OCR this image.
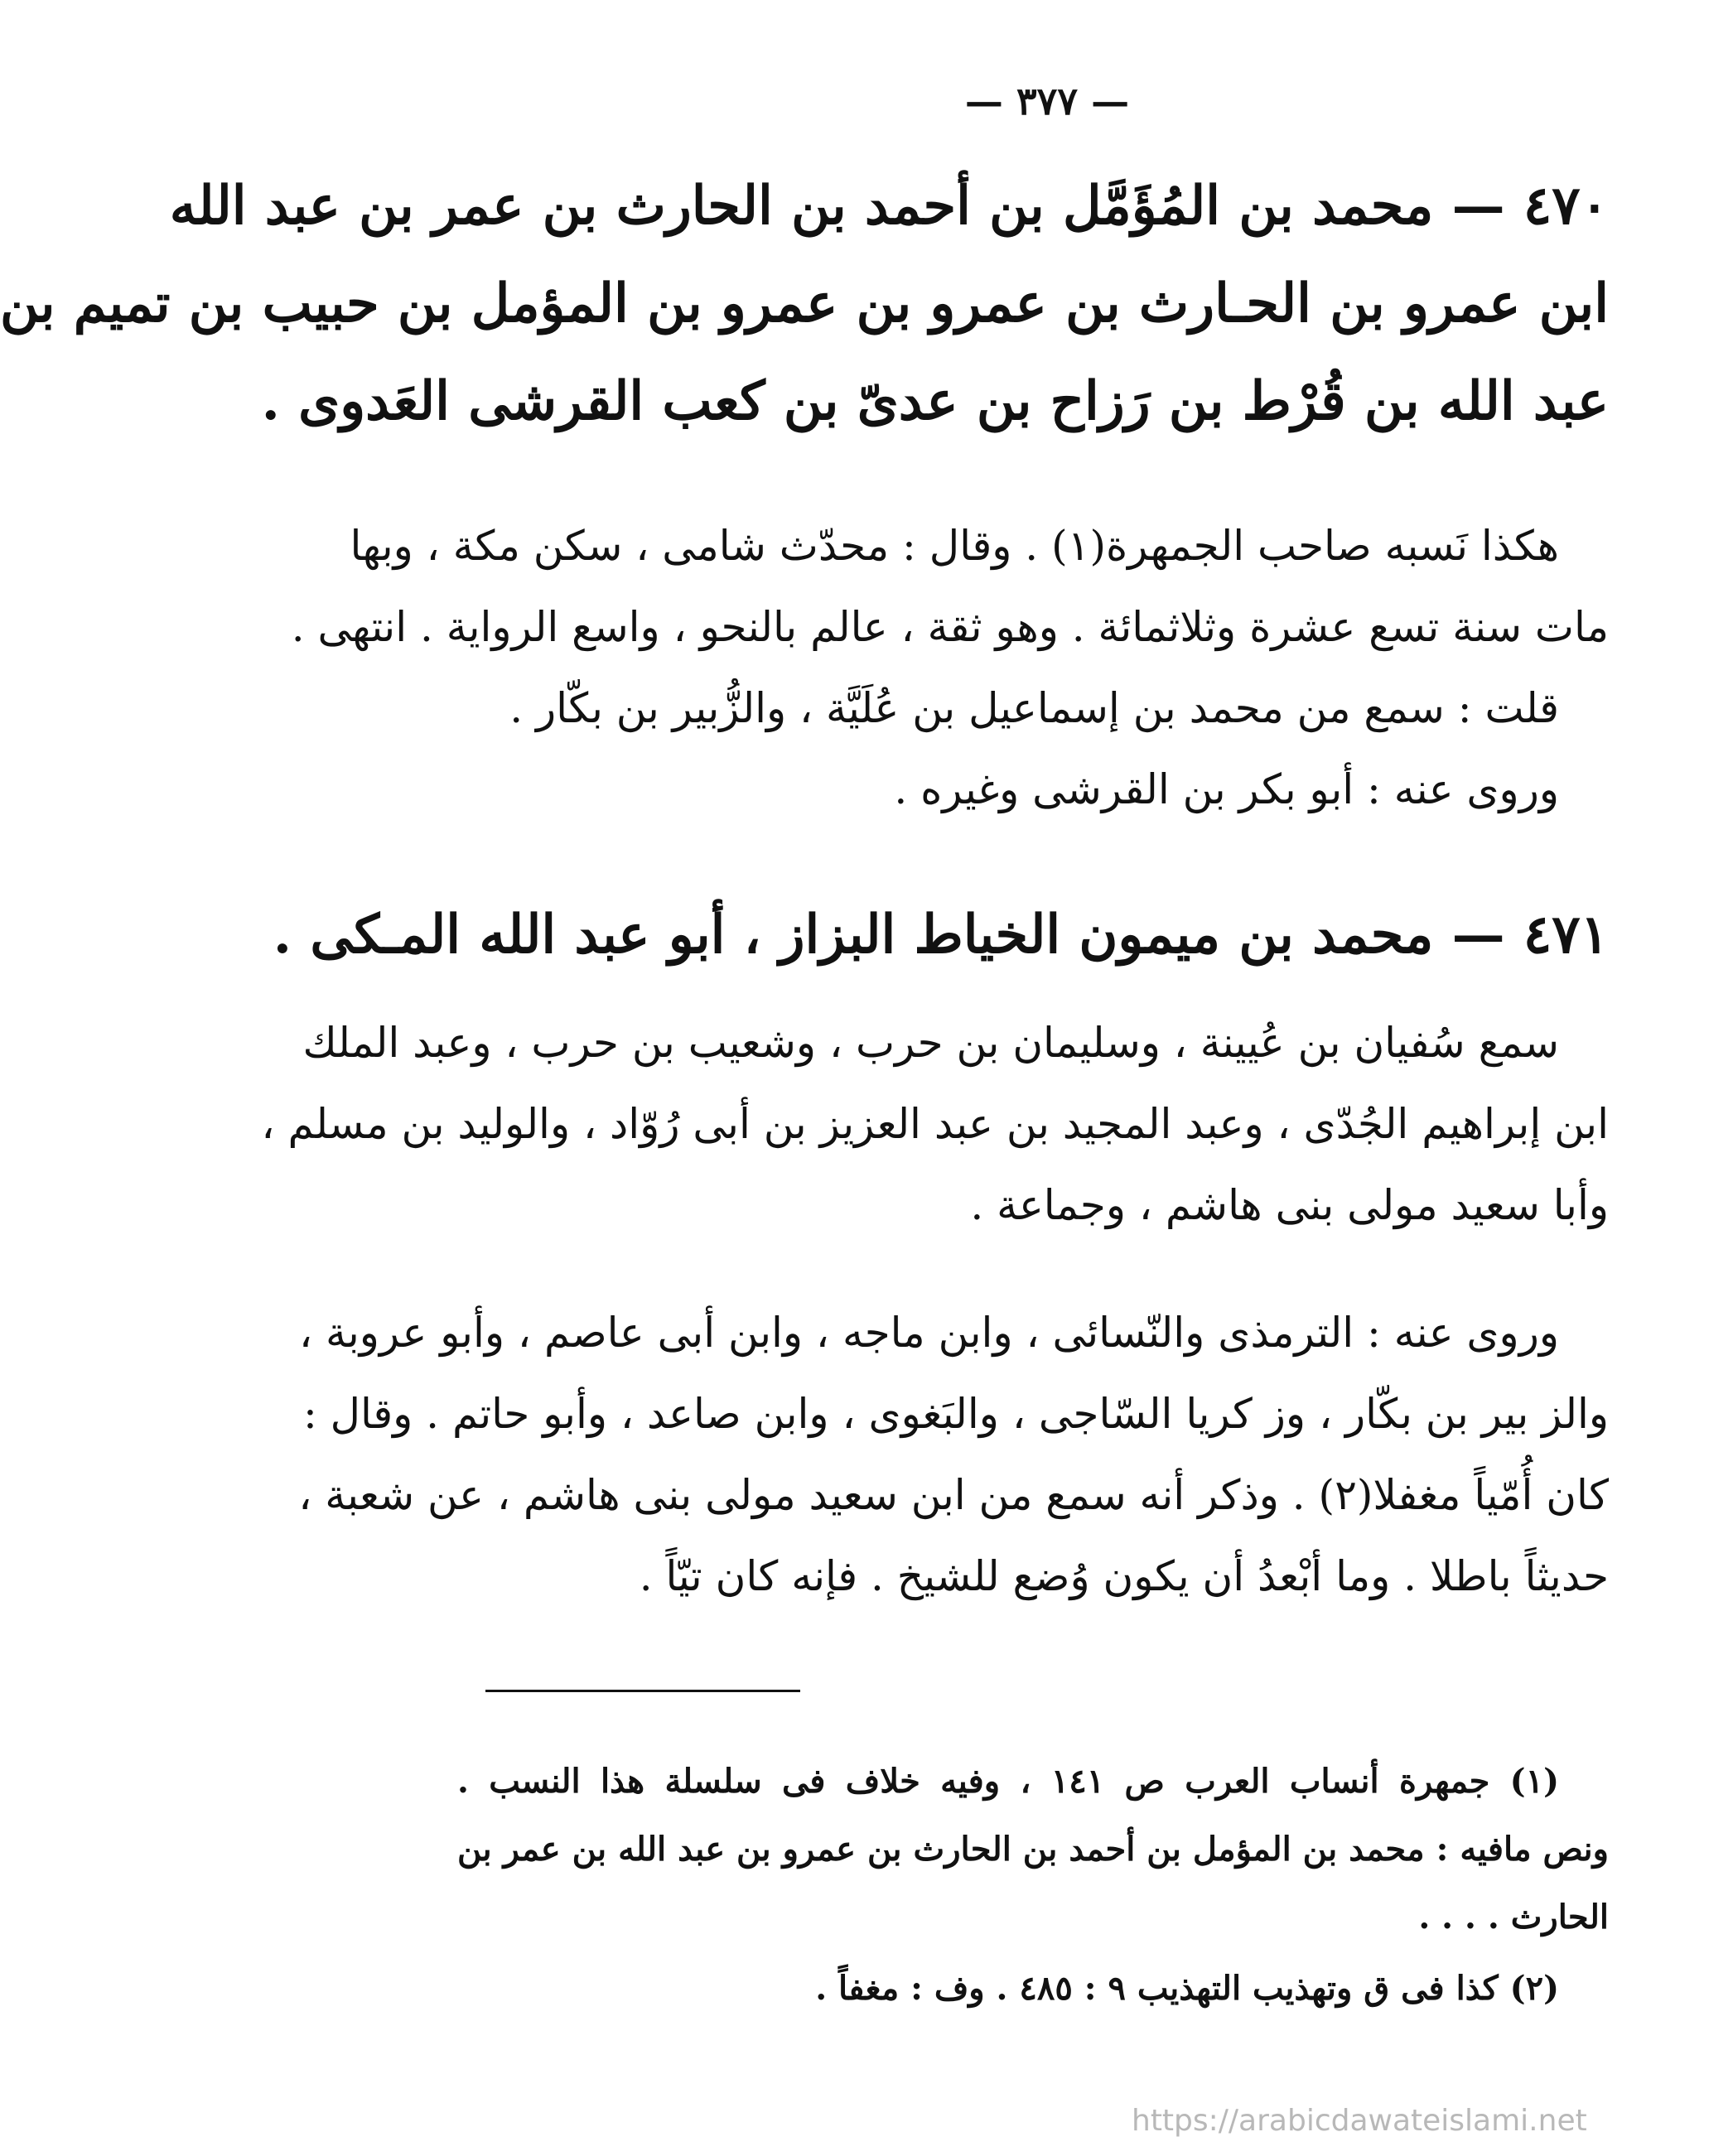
— ٣٧٧ —
٤٧٠ — محمد بن المُؤَمَّل بن أحمد بن الحارث بن عمر بن عبد الله
ابن عمرو بن الحـارث بن عمرو بن عمرو بن المؤمل بن حبيب بن تميم بن
عبد الله بن قُرْط بن رَزاح بن عدىّ بن كعب القرشى العَدوى .
هكذا نَسبه صاحب الجمهرة(١) . وقال : محدّث شامى ، سكن مكة ، وبها
مات سنة تسع عشرة وثلاثمائة . وهو ثقة ، عالم بالنحو ، واسع الرواية . انتهى .
قلت : سمع من محمد بن إسماعيل بن عُلَيَّة ، والزُّبير بن بكّار .
وروى عنه : أبو بكر بن القرشى وغيره .
٤٧١ — محمد بن ميمون الخياط البزاز ، أبو عبد الله المـكى .
سمع سُفيان بن عُيينة ، وسليمان بن حرب ، وشعيب بن حرب ، وعبد الملك
ابن إبراهيم الجُدّى ، وعبد المجيد بن عبد العزيز بن أبى رُوّاد ، والوليد بن مسلم ،
وأبا سعيد مولى بنى هاشم ، وجماعة .
وروى عنه : الترمذى والنّسائى ، وابن ماجه ، وابن أبى عاصم ، وأبو عروبة ،
والز بير بن بكّار ، وز كريا السّاجى ، والبَغوى ، وابن صاعد ، وأبو حاتم . وقال :
كان أُمّياً مغفلا(٢) . وذكر أنه سمع من ابن سعيد مولى بنى هاشم ، عن شعبة ،
حديثاً باطلا . وما أبْعدُ أن يكون وُضع للشيخ . فإنه كان تيّاً .
(١) جمهرة أنساب العرب ص ١٤١ ، وفيه خلاف فى سلسلة هذا النسب .
ونص مافيه : محمد بن المؤمل بن أحمد بن الحارث بن عمرو بن عبد الله بن عمر بن
الحارث . . . .
(٢) كذا فى ق وتهذيب التهذيب ٩ : ٤٨٥ . وف : مغفاً .
https://arabicdawateislami.net
